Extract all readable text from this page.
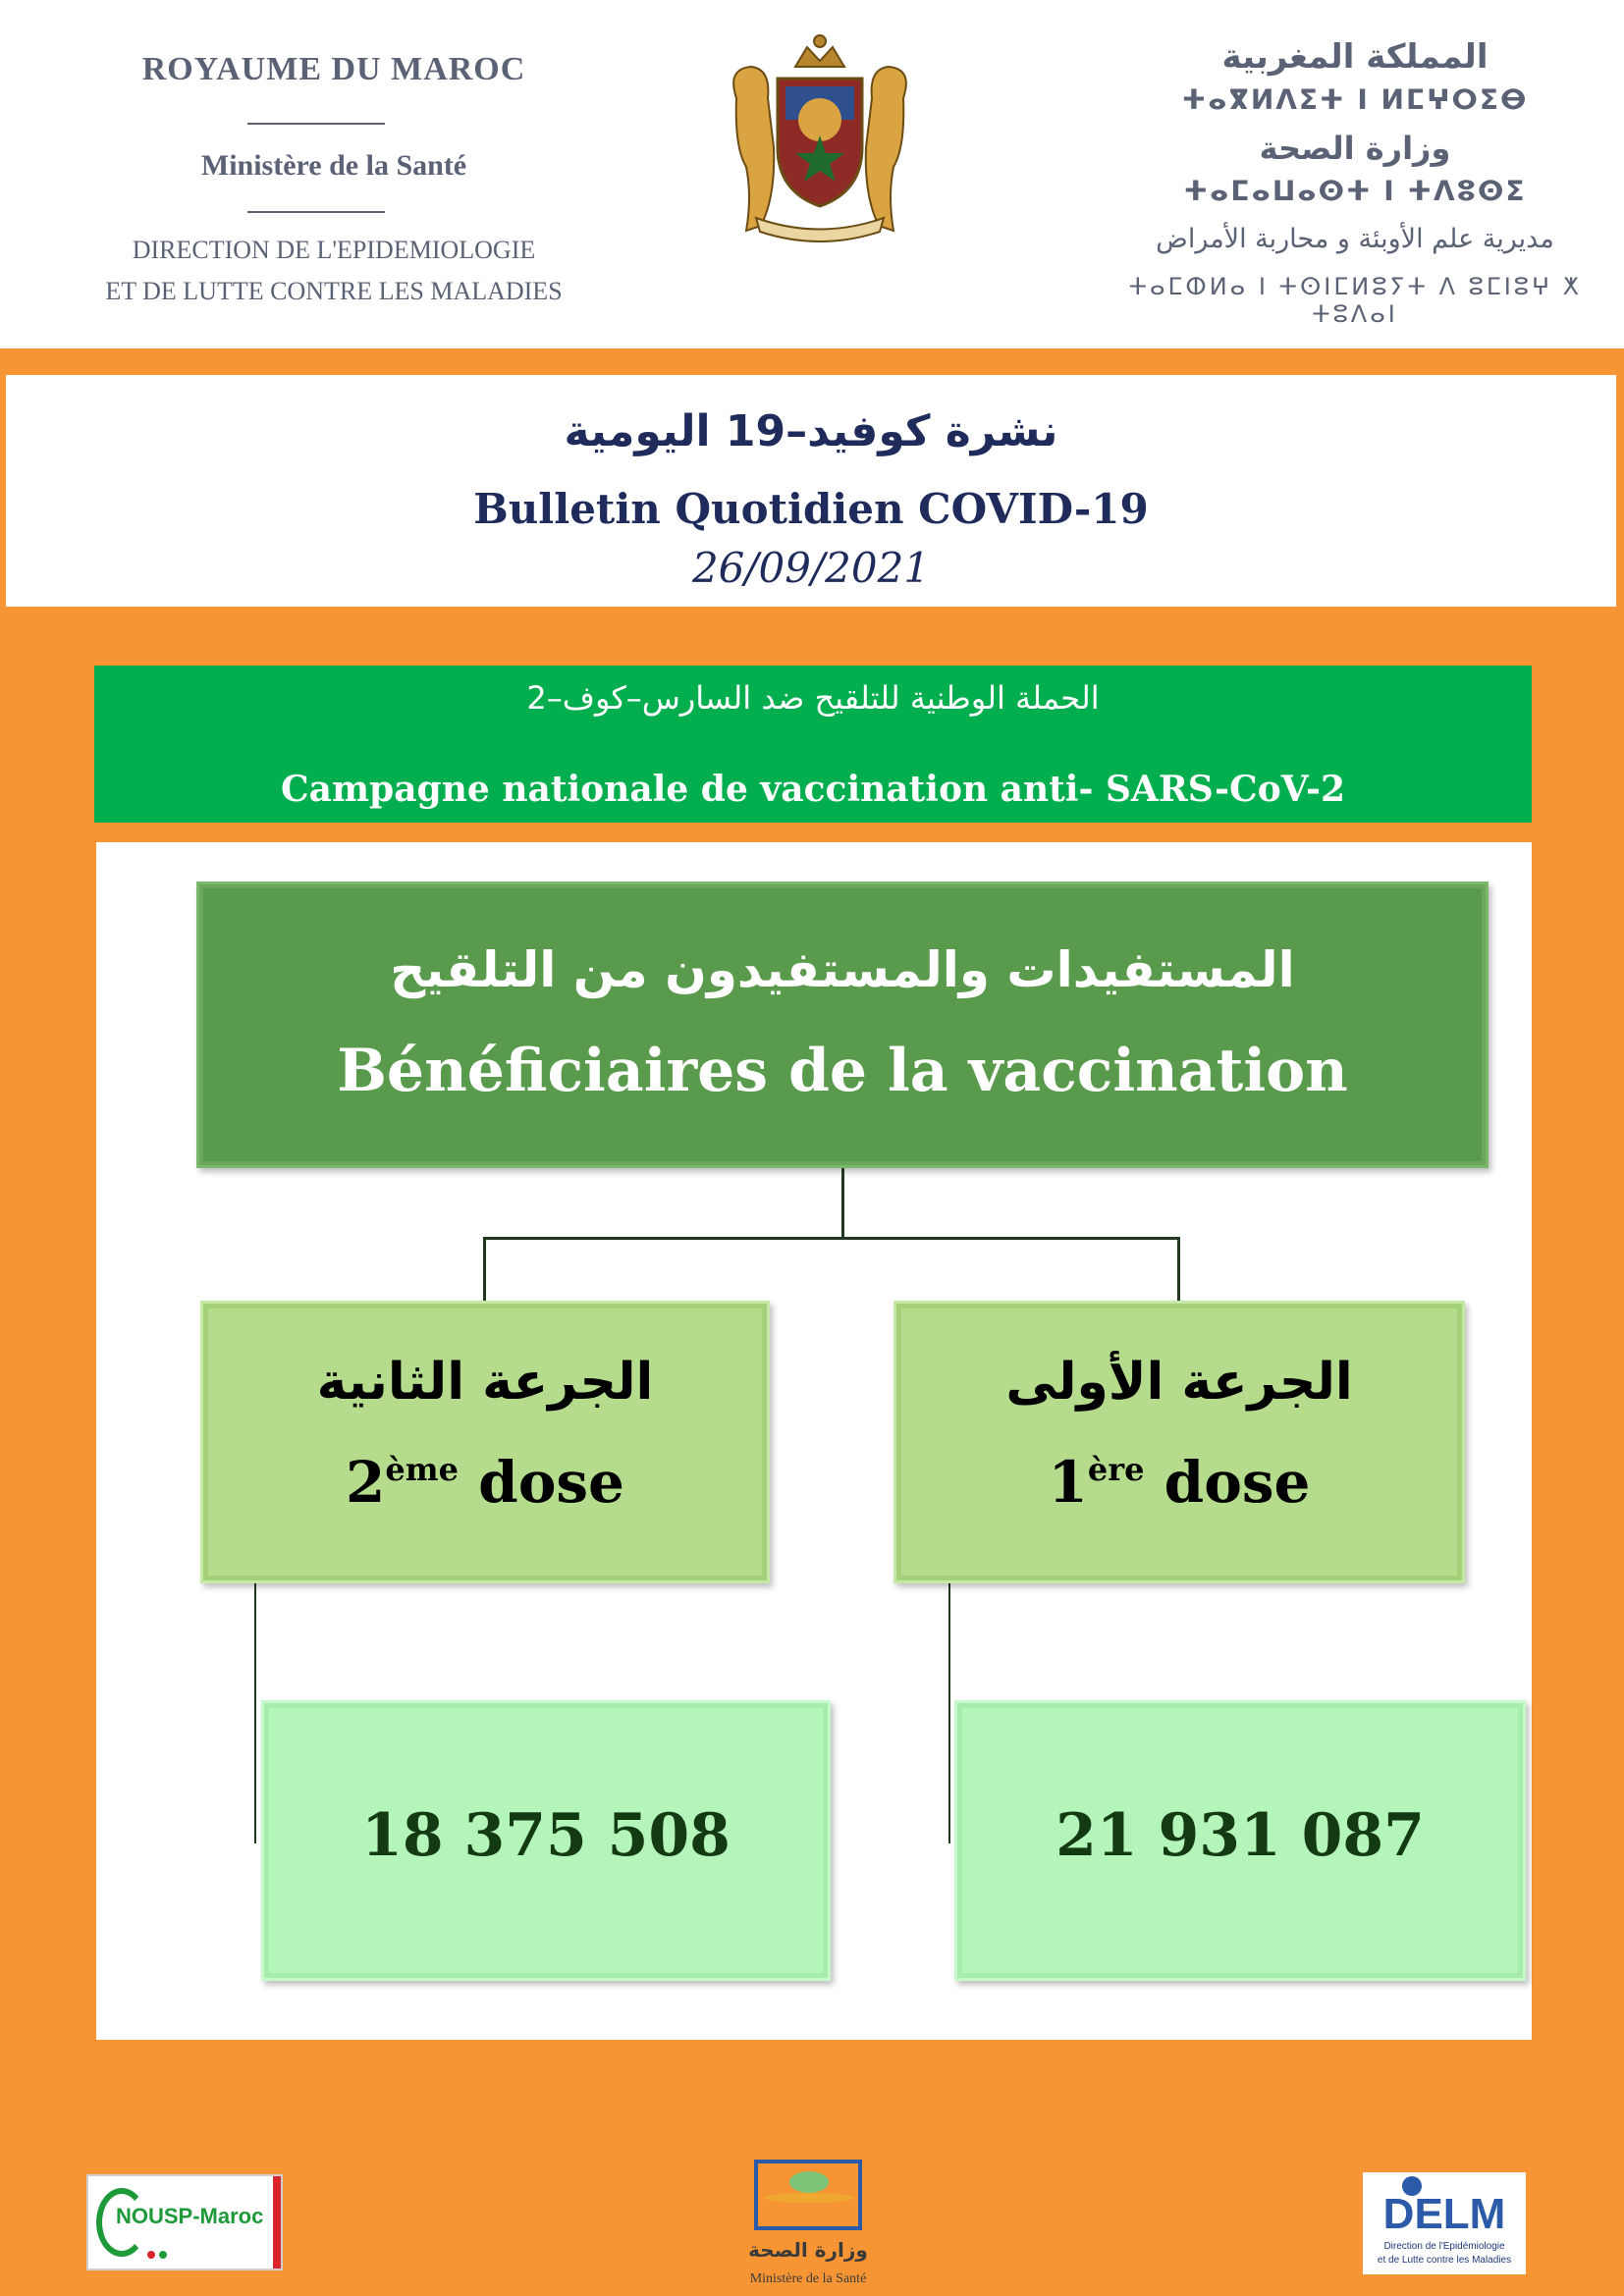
ROYAUME DU MAROC
Ministère de la Santé
DIRECTION DE L'EPIDEMIOLOGIE
ET DE LUTTE CONTRE LES MALADIES
المملكة المغربية
ⵜⴰⴳⵍⴷⵉⵜ ⵏ ⵍⵎⵖⵔⵉⴱ
وزارة الصحة
ⵜⴰⵎⴰⵡⴰⵙⵜ ⵏ ⵜⴷⵓⵙⵉ
مديرية علم الأوبئة و محاربة الأمراض
ⵜⴰⵎⵀⵍⴰ ⵏ ⵜⵙⵏⵎⵍⵓⵢⵜ ⴷ ⵓⵎⵏⵓⵖ ⵅ ⵜⵓⴷⴰⵏ
نشرة كوفيد–19 اليومية
Bulletin Quotidien COVID-19
26/09/2021
الحملة الوطنية للتلقيح ضد السارس–كوف–2
Campagne nationale de vaccination anti- SARS-CoV-2
المستفيدات والمستفيدون من التلقيح
Bénéficiaires de la vaccination
الجرعة الثانية
2ème dose
الجرعة الأولى
1ère dose
18 375 508	21 931 087
NOUSP-Maroc
وزارة الصحة
Ministère de la Santé
DELM
Direction de l'Epidémiologie
et de Lutte contre les Maladies
